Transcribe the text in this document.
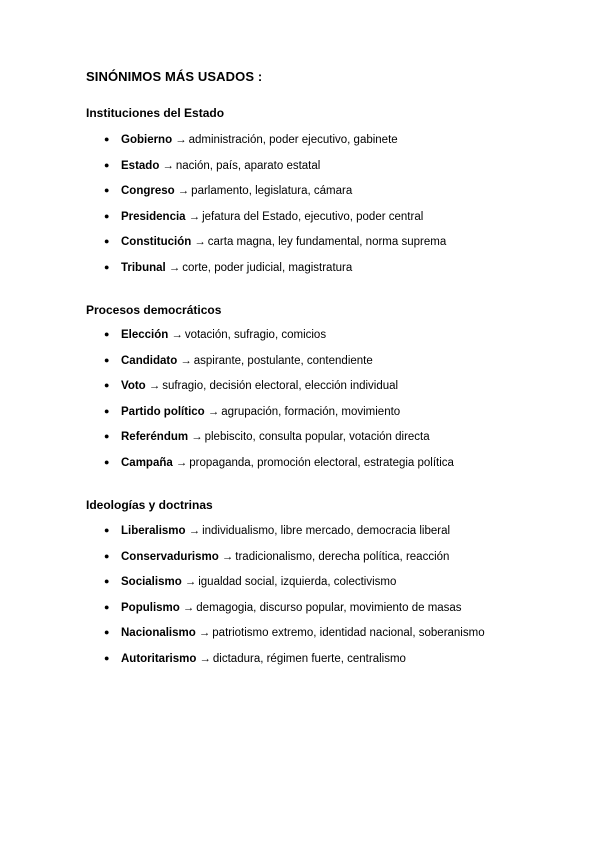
SINÓNIMOS MÁS USADOS :
Instituciones del Estado
● Gobierno → administración, poder ejecutivo, gabinete
● Estado → nación, país, aparato estatal
● Congreso → parlamento, legislatura, cámara
● Presidencia → jefatura del Estado, ejecutivo, poder central
● Constitución → carta magna, ley fundamental, norma suprema
● Tribunal → corte, poder judicial, magistratura
Procesos democráticos
● Elección → votación, sufragio, comicios
● Candidato → aspirante, postulante, contendiente
● Voto → sufragio, decisión electoral, elección individual
● Partido político → agrupación, formación, movimiento
● Referéndum → plebiscito, consulta popular, votación directa
● Campaña → propaganda, promoción electoral, estrategia política
Ideologías y doctrinas
● Liberalismo → individualismo, libre mercado, democracia liberal
● Conservadurismo → tradicionalismo, derecha política, reacción
● Socialismo → igualdad social, izquierda, colectivismo
● Populismo → demagogia, discurso popular, movimiento de masas
● Nacionalismo → patriotismo extremo, identidad nacional, soberanismo
● Autoritarismo → dictadura, régimen fuerte, centralismo
